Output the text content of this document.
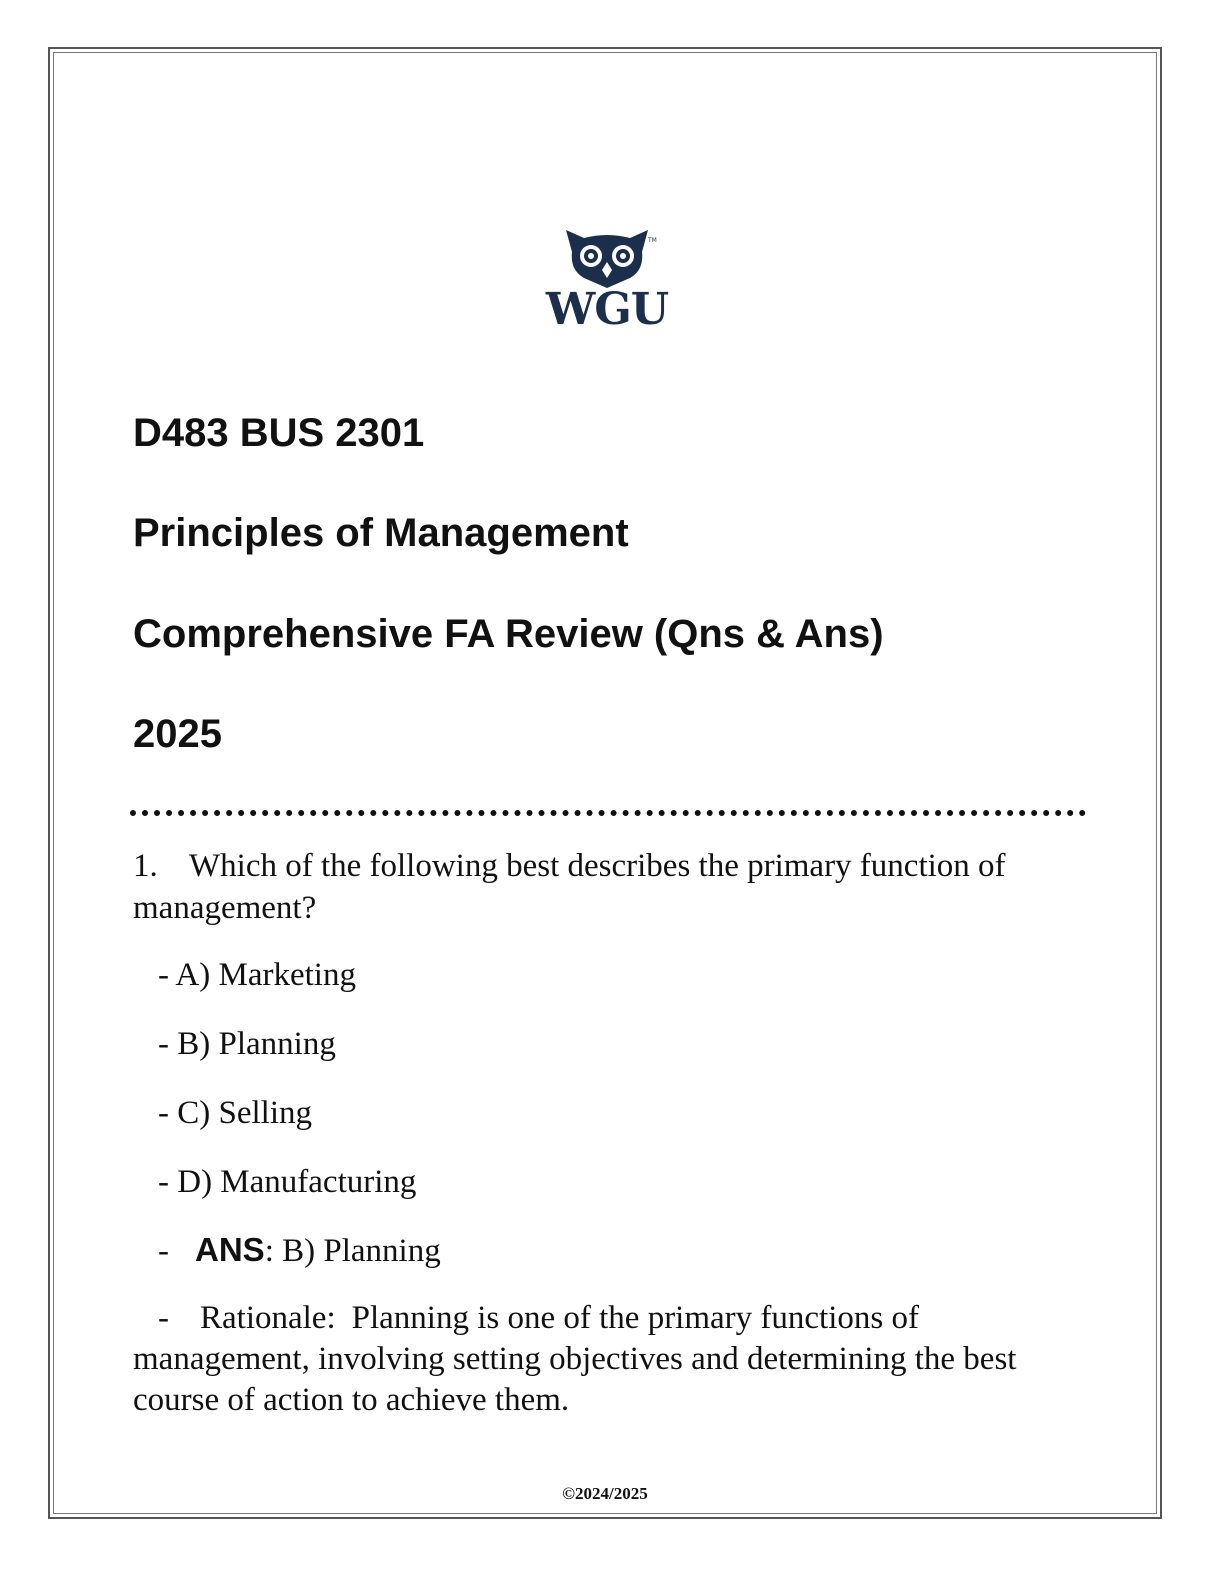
TM
WGU
D483 BUS 2301
Principles of Management
Comprehensive FA Review (Qns & Ans)
2025
1. Which of the following best describes the primary function of management?
- A) Marketing
- B) Planning
- C) Selling
- D) Manufacturing
- ANS: B) Planning
- Rationale: Planning is one of the primary functions of management, involving setting objectives and determining the best course of action to achieve them.
©2024/2025
